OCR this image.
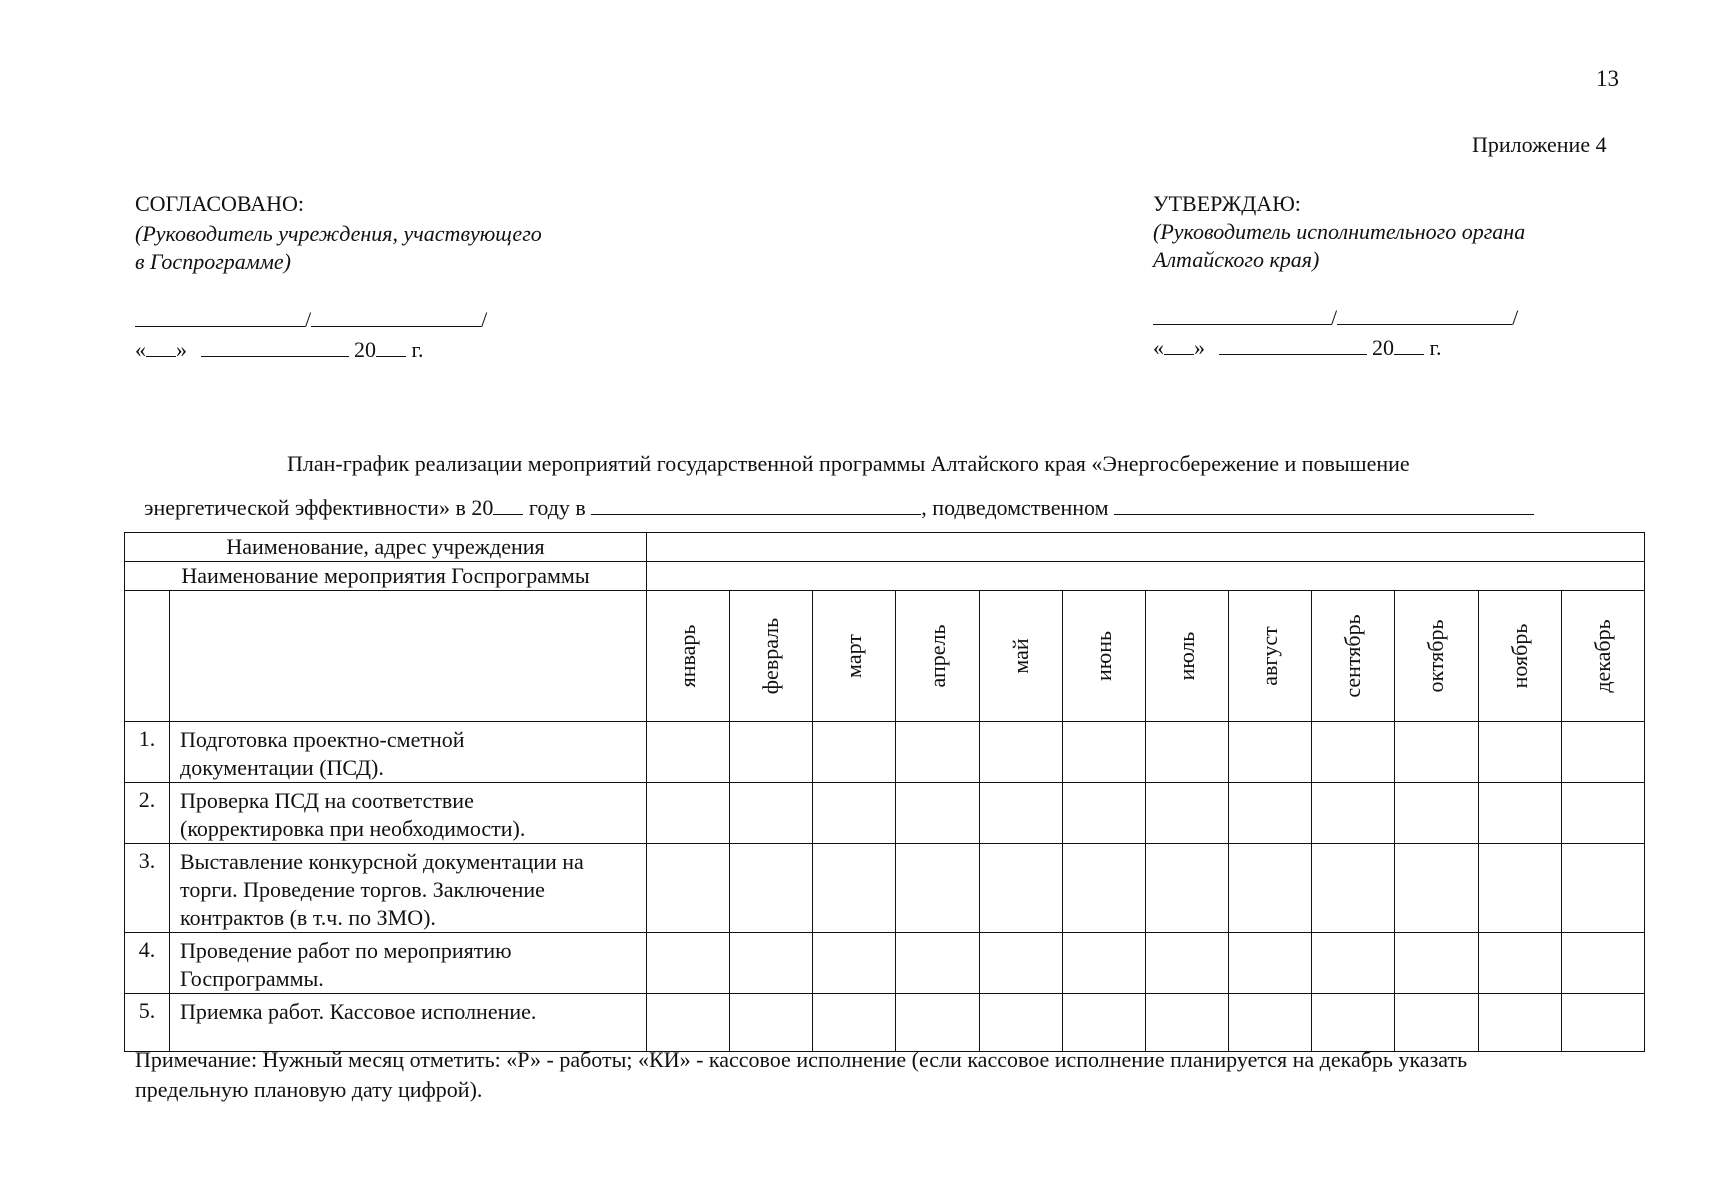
13
Приложение 4
СОГЛАСОВАНО:
(Руководитель учреждения, участвующего
в Госпрограмме)
/	/
« »	20 г.
УТВЕРЖДАЮ:
(Руководитель исполнительного органа
Алтайского края)
/	/
« »	20 г.
План-график реализации мероприятий государственной программы Алтайского края «Энергосбережение и повышение
энергетической эффективности» в 20 году в	, подведомственном
Наименование, адрес учреждения													
Наименование мероприятия Госпрограммы													

		январь	февраль	март	апрель	май	июнь	июль	август	сентябрь	октябрь	ноябрь	декабрь

1.	Подготовка проектно-сметной
документации (ПСД).												

2.	Проверка ПСД на соответствие
(корректировка при необходимости).												

3.	Выставление конкурсной документации на
торги. Проведение торгов. Заключение
контрактов (в т.ч. по ЗМО).												

4.	Проведение работ по мероприятию
Госпрограммы.												

5.	Приемка работ. Кассовое исполнение.												

Примечание: Нужный месяц отметить: «Р» - работы; «КИ» - кассовое исполнение (если кассовое исполнение планируется на декабрь указать
предельную плановую дату цифрой).
